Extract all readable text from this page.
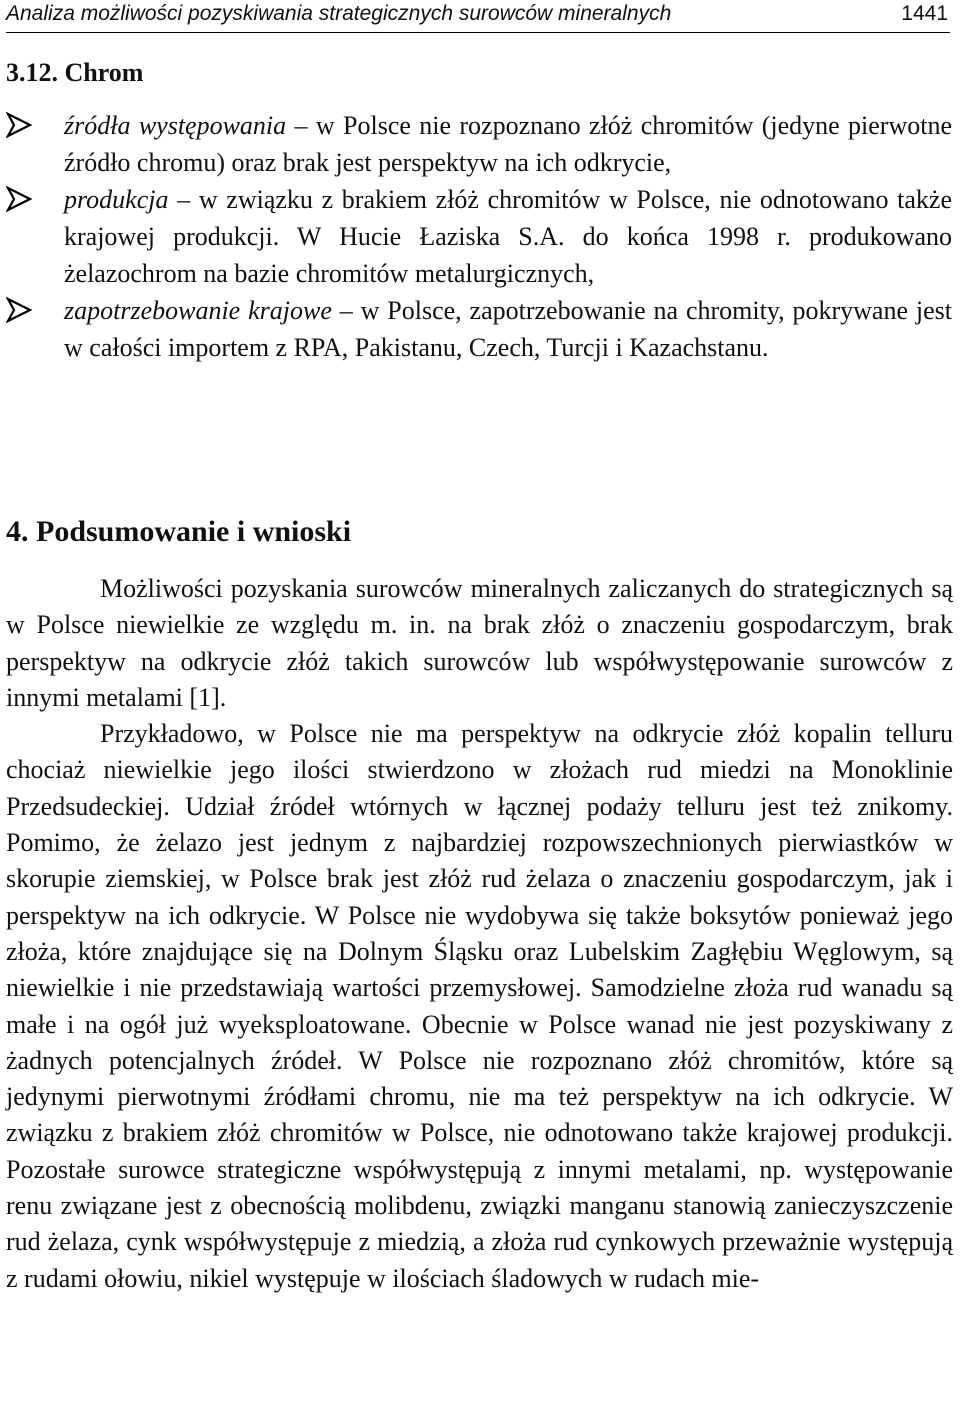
Analiza możliwości pozyskiwania strategicznych surowców mineralnych	1441
3.12. Chrom
źródła występowania – w Polsce nie rozpoznano złóż chromitów (jedyne pierwotne źródło chromu) oraz brak jest perspektyw na ich odkrycie,
produkcja – w związku z brakiem złóż chromitów w Polsce, nie odnotowano także krajowej produkcji. W Hucie Łaziska S.A. do końca 1998 r. produkowano żelazochrom na bazie chromitów metalurgicznych,
zapotrzebowanie krajowe – w Polsce, zapotrzebowanie na chromity, pokrywane jest w całości importem z RPA, Pakistanu, Czech, Turcji i Kazachstanu.
4. Podsumowanie i wnioski

Możliwości pozyskania surowców mineralnych zaliczanych do strategicznych są w Polsce niewielkie ze względu m. in. na brak złóż o znaczeniu gospodarczym, brak perspektyw na odkrycie złóż takich surowców lub współwystępowanie surowców z innymi metalami [1].

Przykładowo, w Polsce nie ma perspektyw na odkrycie złóż kopalin telluru chociaż niewielkie jego ilości stwierdzono w złożach rud miedzi na Monoklinie Przedsudeckiej. Udział źródeł wtórnych w łącznej podaży telluru jest też znikomy. Pomimo, że żelazo jest jednym z najbardziej rozpowszechnionych pierwiastków w skorupie ziemskiej, w Polsce brak jest złóż rud żelaza o znaczeniu gospodarczym, jak i perspektyw na ich odkrycie. W Polsce nie wydobywa się także boksytów ponieważ jego złoża, które znajdujące się na Dolnym Śląsku oraz Lubelskim Zagłębiu Węglowym, są niewielkie i nie przedstawiają wartości przemysłowej. Samodzielne złoża rud wanadu są małe i na ogół już wyeksploatowane. Obecnie w Polsce wanad nie jest pozyskiwany z żadnych potencjalnych źródeł. W Polsce nie rozpoznano złóż chromitów, które są jedynymi pierwotnymi źródłami chromu, nie ma też perspektyw na ich odkrycie. W związku z brakiem złóż chromitów w Polsce, nie odnotowano także krajowej produkcji. Pozostałe surowce strategiczne współwystępują z innymi metalami, np. występowanie renu związane jest z obecnością molibdenu, związki manganu stanowią zanieczyszczenie rud żelaza, cynk współwystępuje z miedzią, a złoża rud cynkowych przeważnie występują z rudami ołowiu, nikiel występuje w ilościach śladowych w rudach mie-
